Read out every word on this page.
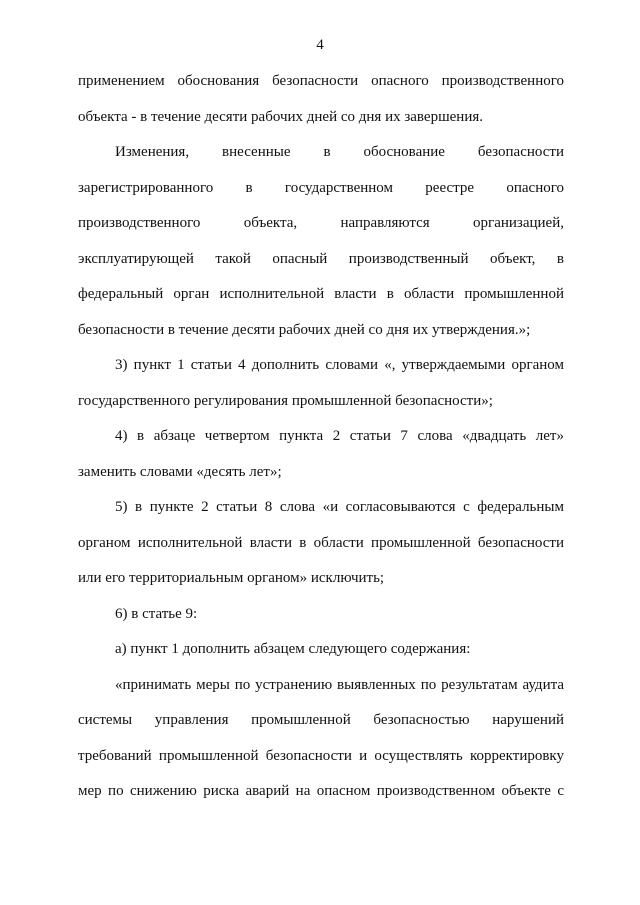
4
применением обоснования безопасности опасного производственного
объекта - в течение десяти рабочих дней со дня их завершения.
Изменения, внесенные в обоснование безопасности
зарегистрированного в государственном реестре опасного
производственного объекта, направляются организацией,
эксплуатирующей такой опасный производственный объект, в
федеральный орган исполнительной власти в области промышленной
безопасности в течение десяти рабочих дней со дня их утверждения.»;
3) пункт 1 статьи 4 дополнить словами «, утверждаемыми органом
государственного регулирования промышленной безопасности»;
4) в абзаце четвертом пункта 2 статьи 7 слова «двадцать лет»
заменить словами «десять лет»;
5) в пункте 2 статьи 8 слова «и согласовываются с федеральным
органом исполнительной власти в области промышленной безопасности
или его территориальным органом» исключить;
6) в статье 9:
а) пункт 1 дополнить абзацем следующего содержания:
«принимать меры по устранению выявленных по результатам аудита
системы управления промышленной безопасностью нарушений
требований промышленной безопасности и осуществлять корректировку
мер по снижению риска аварий на опасном производственном объекте с
